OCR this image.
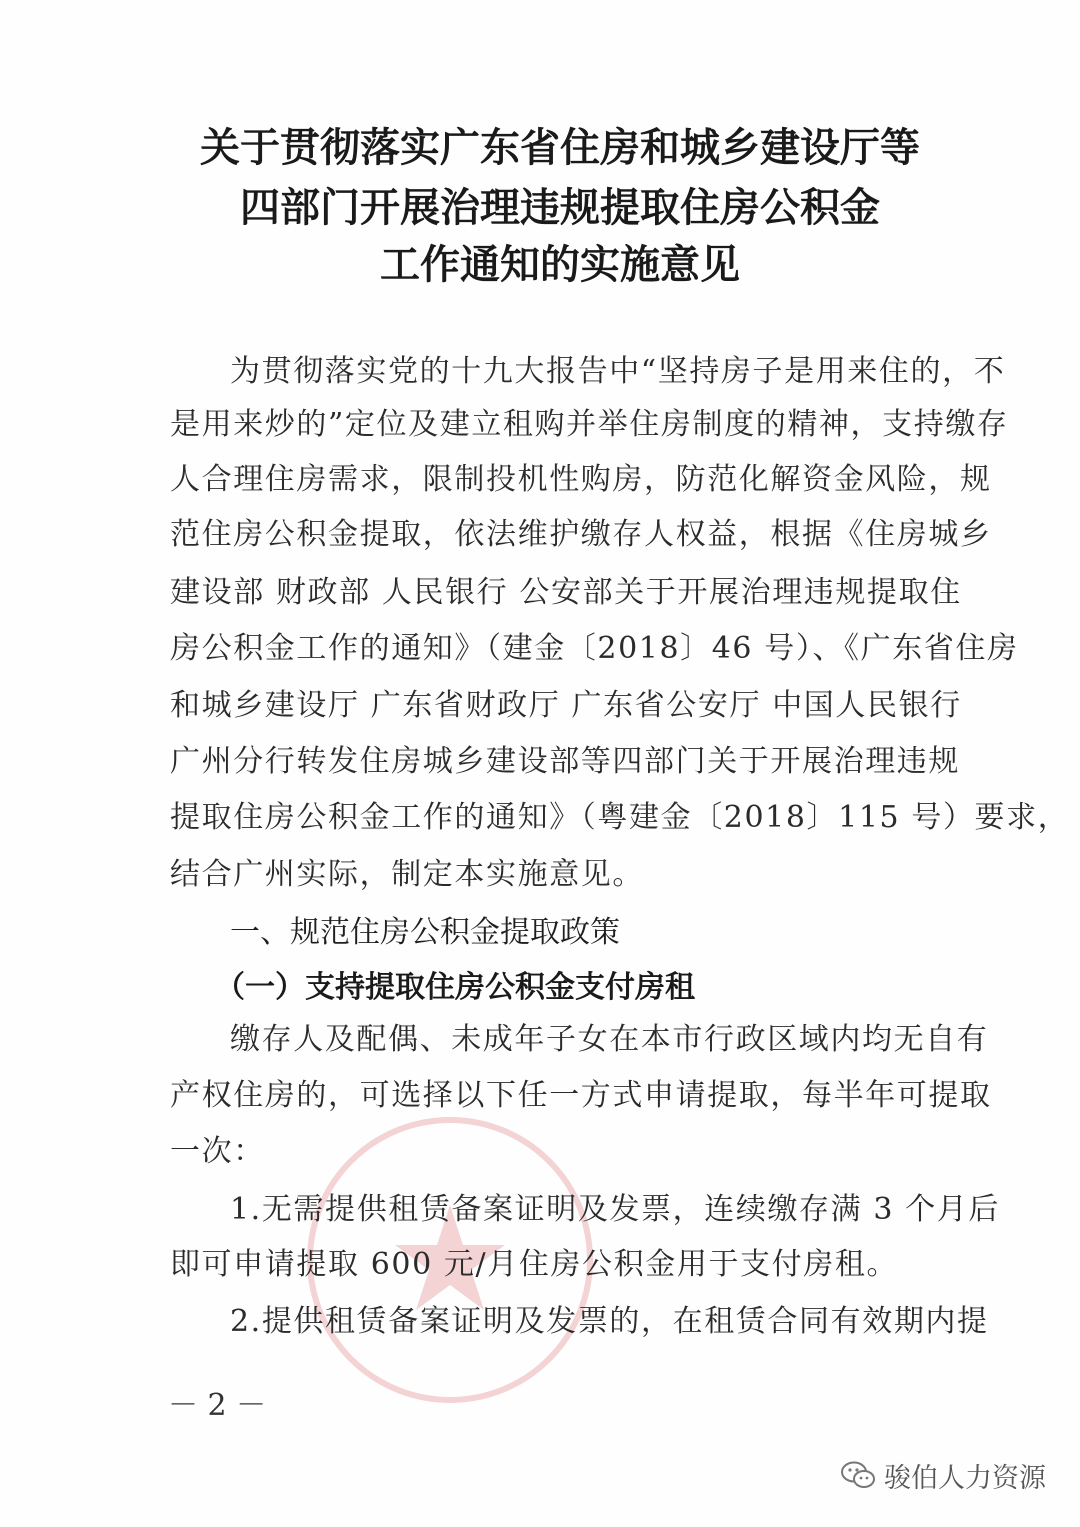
关于贯彻落实广东省住房和城乡建设厅等
四部门开展治理违规提取住房公积金
工作通知的实施意见
为贯彻落实党的十九大报告中“坚持房子是用来住的，不
是用来炒的”定位及建立租购并举住房制度的精神，支持缴存
人合理住房需求，限制投机性购房，防范化解资金风险，规
范住房公积金提取，依法维护缴存人权益，根据《住房城乡
建设部 财政部 人民银行 公安部关于开展治理违规提取住
房公积金工作的通知》（建金〔2018〕46 号）、《广东省住房
和城乡建设厅 广东省财政厅 广东省公安厅 中国人民银行
广州分行转发住房城乡建设部等四部门关于开展治理违规
提取住房公积金工作的通知》（粤建金〔2018〕115 号）要求，
结合广州实际，制定本实施意见。
一、规范住房公积金提取政策
（一）支持提取住房公积金支付房租
缴存人及配偶、未成年子女在本市行政区域内均无自有
产权住房的，可选择以下任一方式申请提取，每半年可提取
一次：
1.无需提供租赁备案证明及发票，连续缴存满 3 个月后
即可申请提取 600 元/月住房公积金用于支付房租。
2.提供租赁备案证明及发票的，在租赁合同有效期内提
－ 2 －
骏伯人力资源
